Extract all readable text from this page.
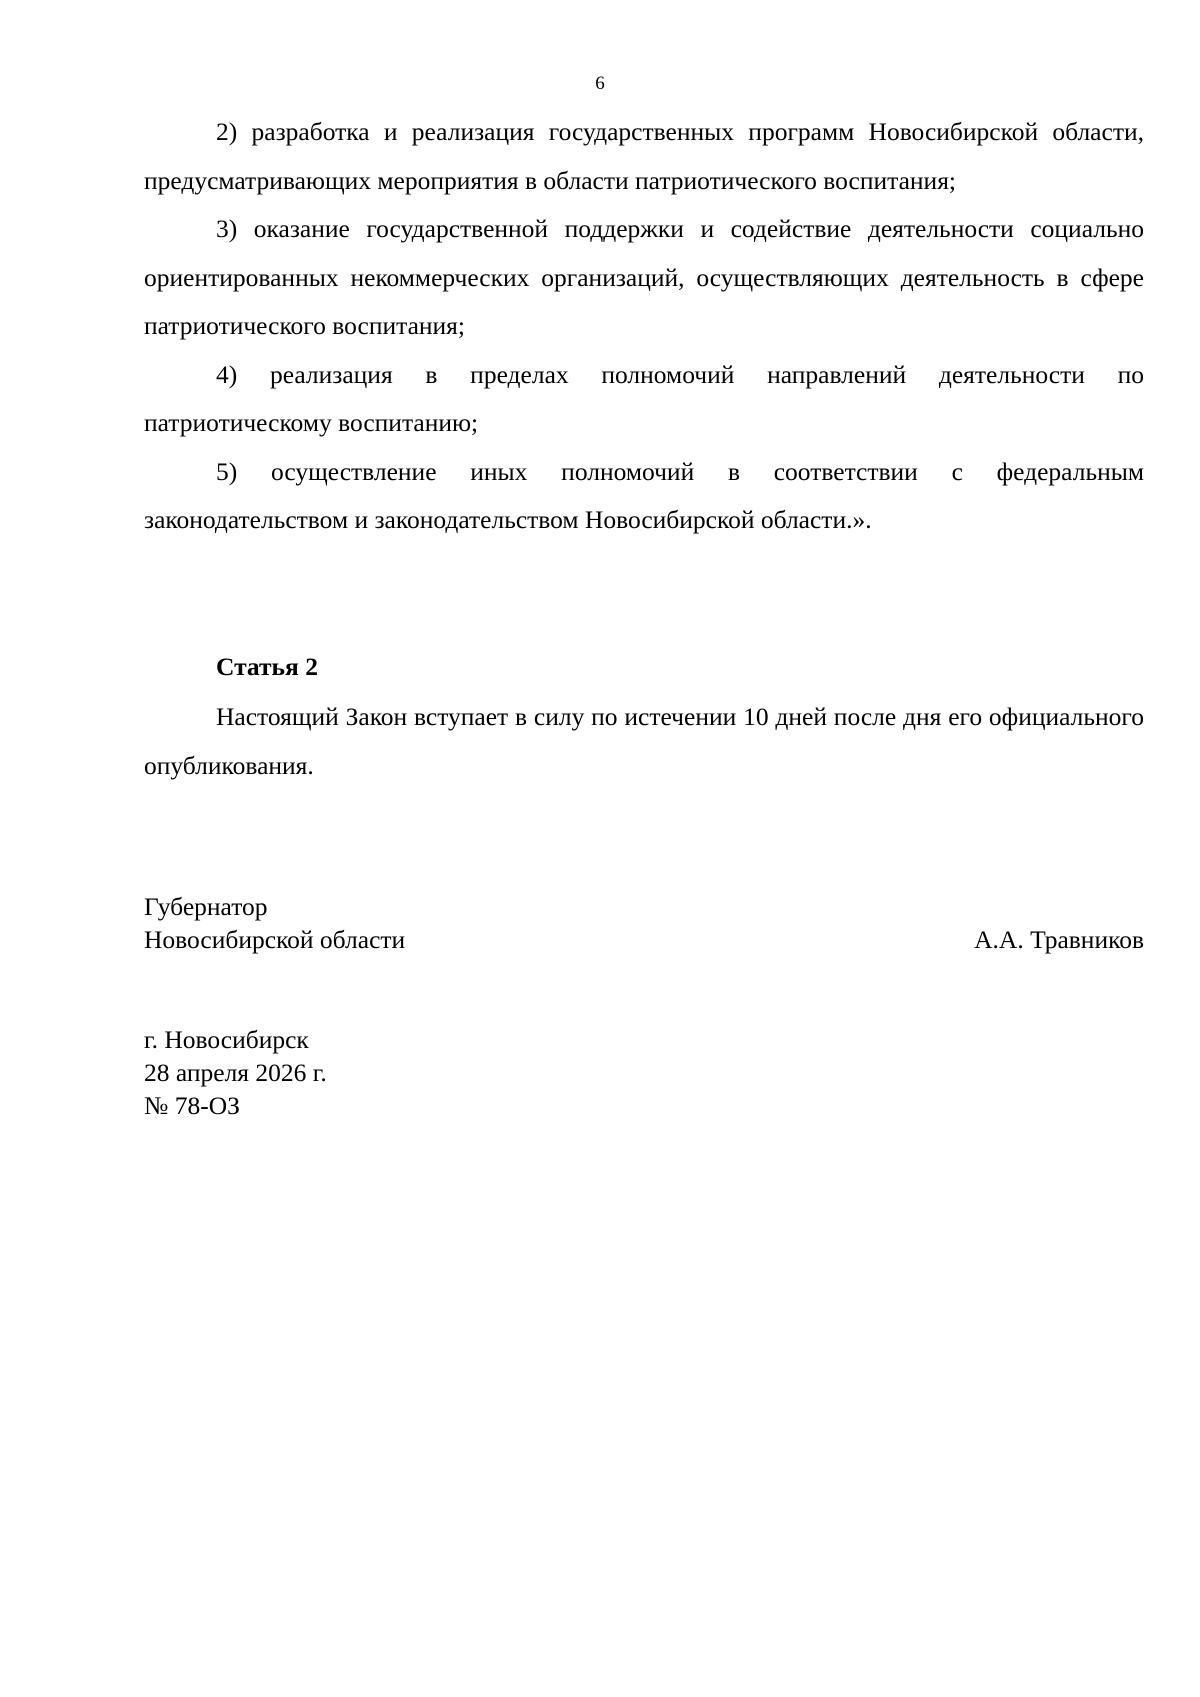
6

2) разработка и реализация государственных программ Новосибирской области, предусматривающих мероприятия в области патриотического воспитания;

3) оказание государственной поддержки и содействие деятельности социально ориентированных некоммерческих организаций, осуществляющих деятельность в сфере патриотического воспитания;

4) реализация в пределах полномочий направлений деятельности по патриотическому воспитанию;

5) осуществление иных полномочий в соответствии с федеральным законодательством и законодательством Новосибирской области.».

Статья 2

Настоящий Закон вступает в силу по истечении 10 дней после дня его официального опубликования.

Губернатор
Новосибирской области	А.А. Травников
г. Новосибирск
28 апреля 2026 г.
№ 78-ОЗ
